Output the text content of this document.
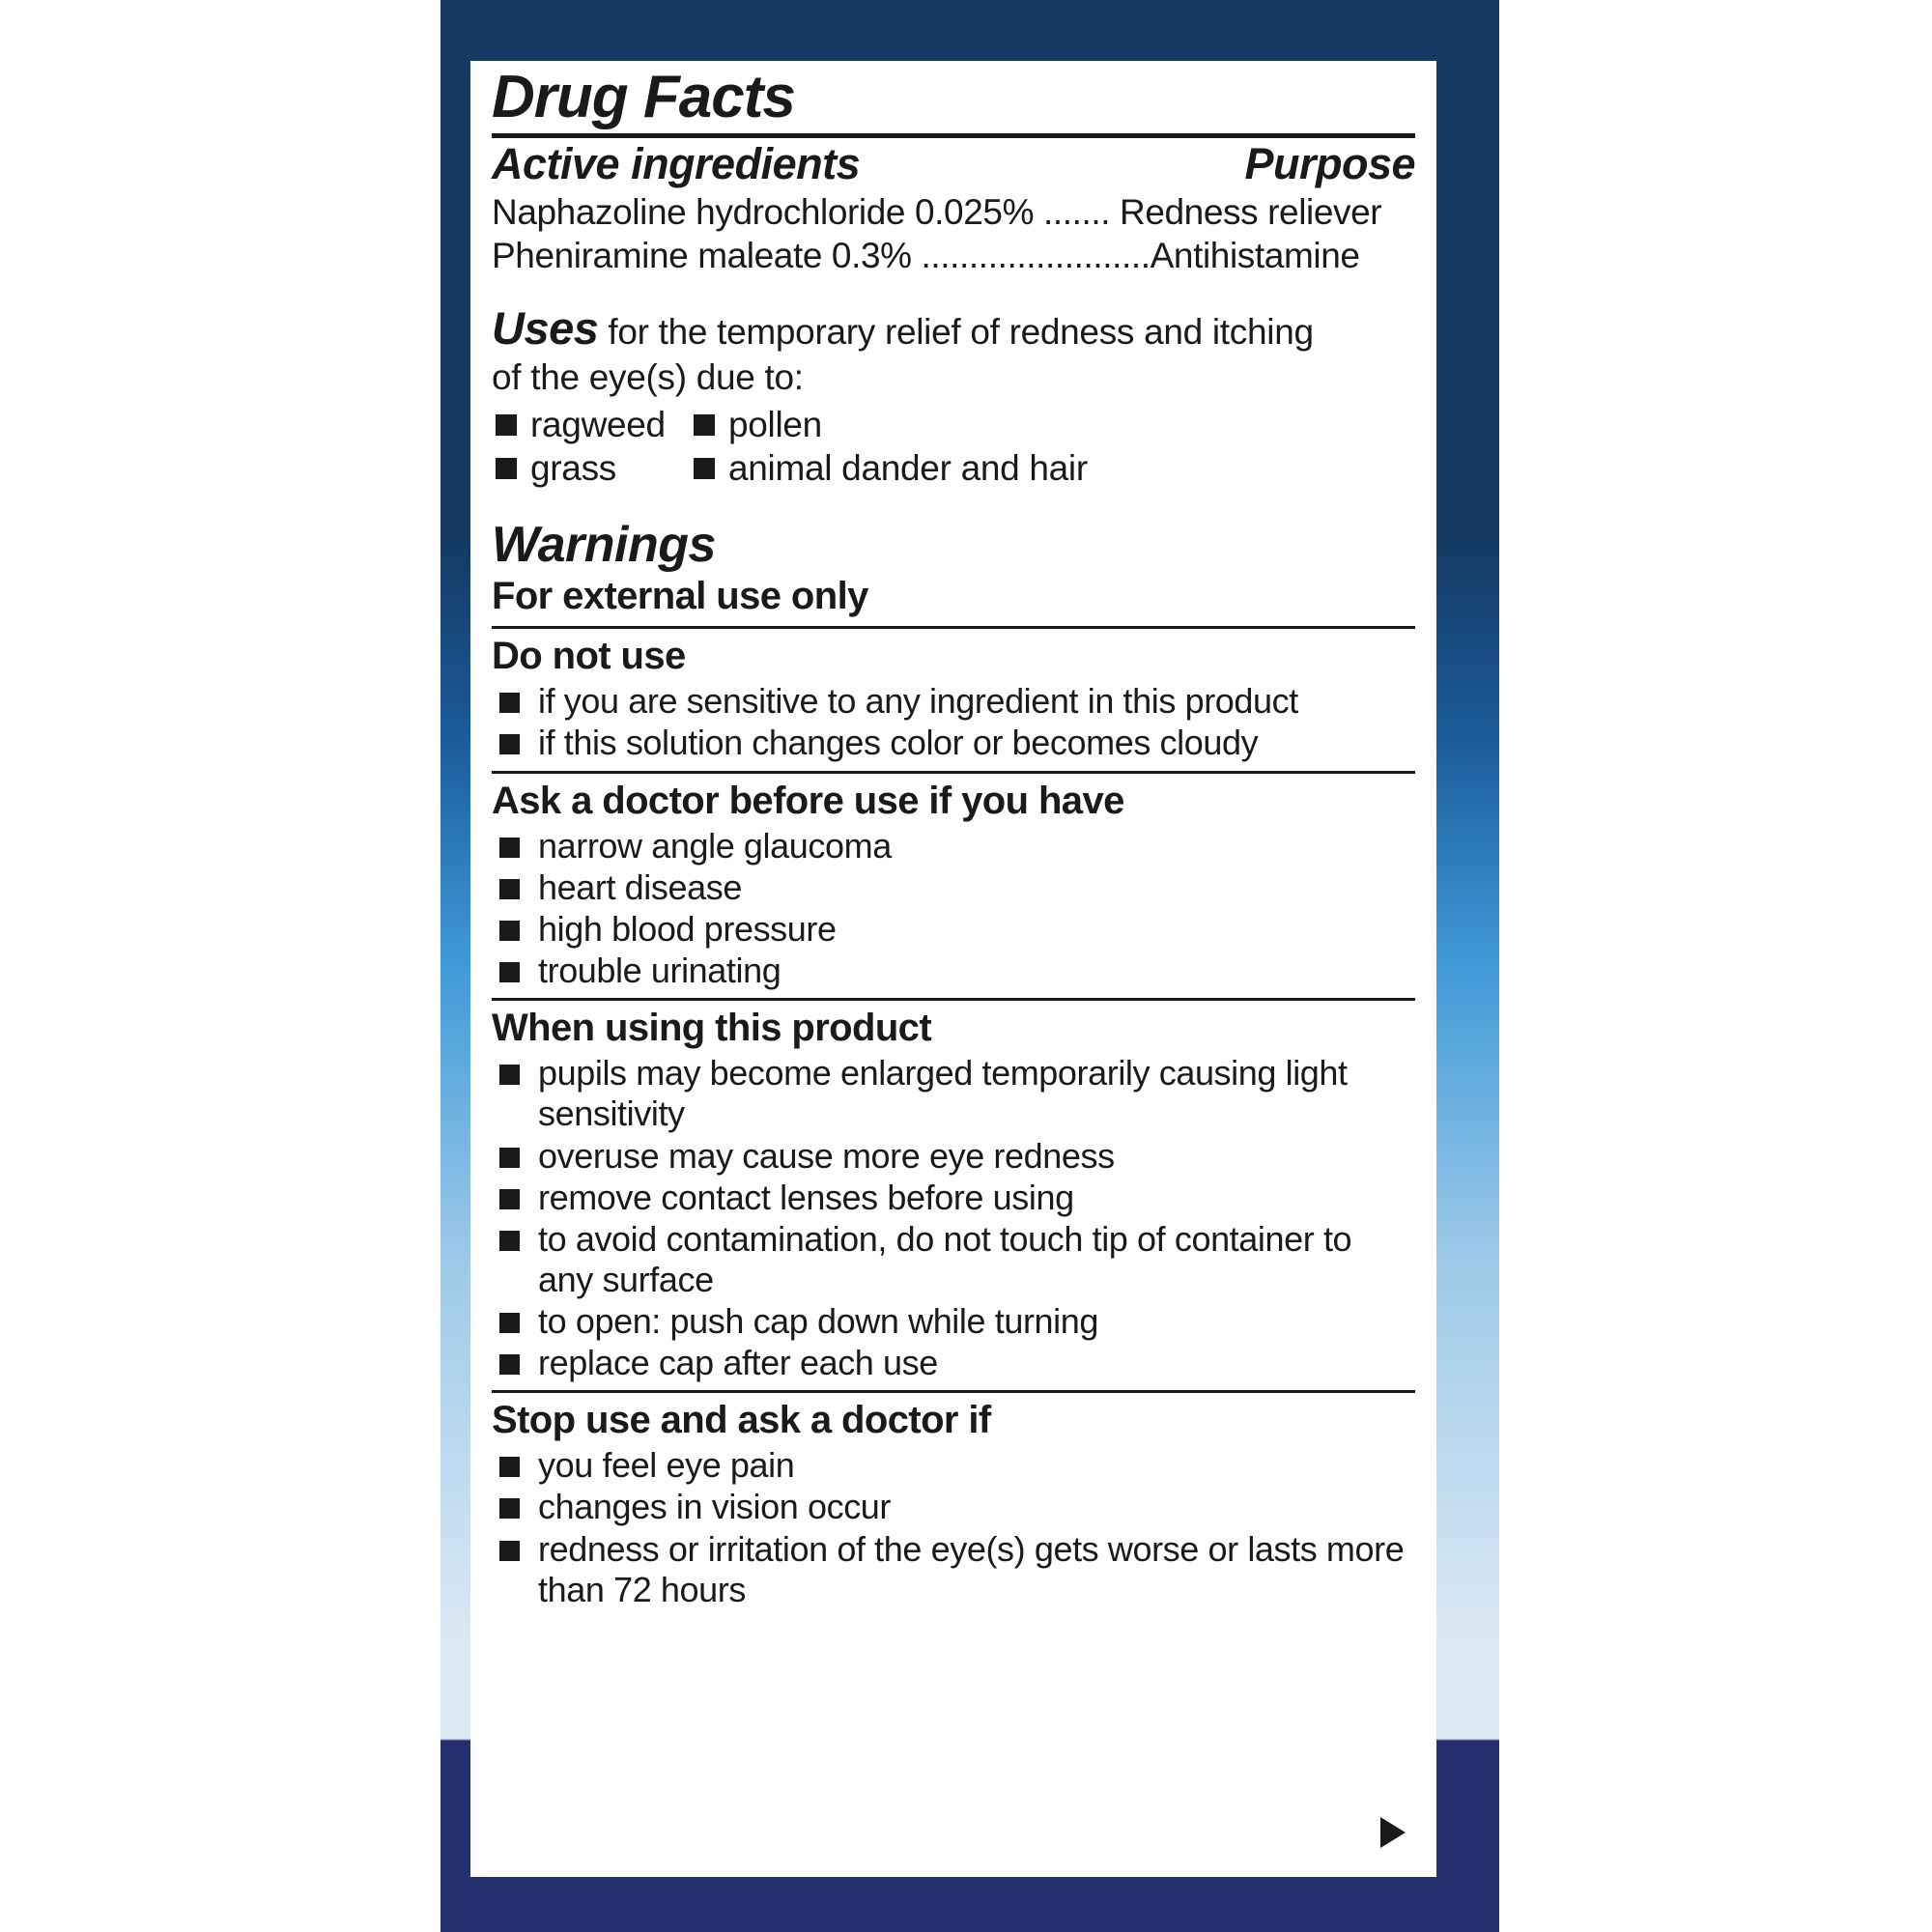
Drug Facts
Active ingredients	Purpose
Naphazoline hydrochloride 0.025% ....... Redness reliever
Pheniramine maleate 0.3% ........................Antihistamine
Uses for the temporary relief of redness and itching
of the eye(s) due to:
ragweed	pollen
grass	animal dander and hair
Warnings
For external use only
Do not use
if you are sensitive to any ingredient in this product
if this solution changes color or becomes cloudy
Ask a doctor before use if you have
narrow angle glaucoma
heart disease
high blood pressure
trouble urinating
When using this product
pupils may become enlarged temporarily causing light sensitivity
overuse may cause more eye redness
remove contact lenses before using
to avoid contamination, do not touch tip of container to any surface
to open: push cap down while turning
replace cap after each use
Stop use and ask a doctor if
you feel eye pain
changes in vision occur
redness or irritation of the eye(s) gets worse or lasts more than 72 hours
